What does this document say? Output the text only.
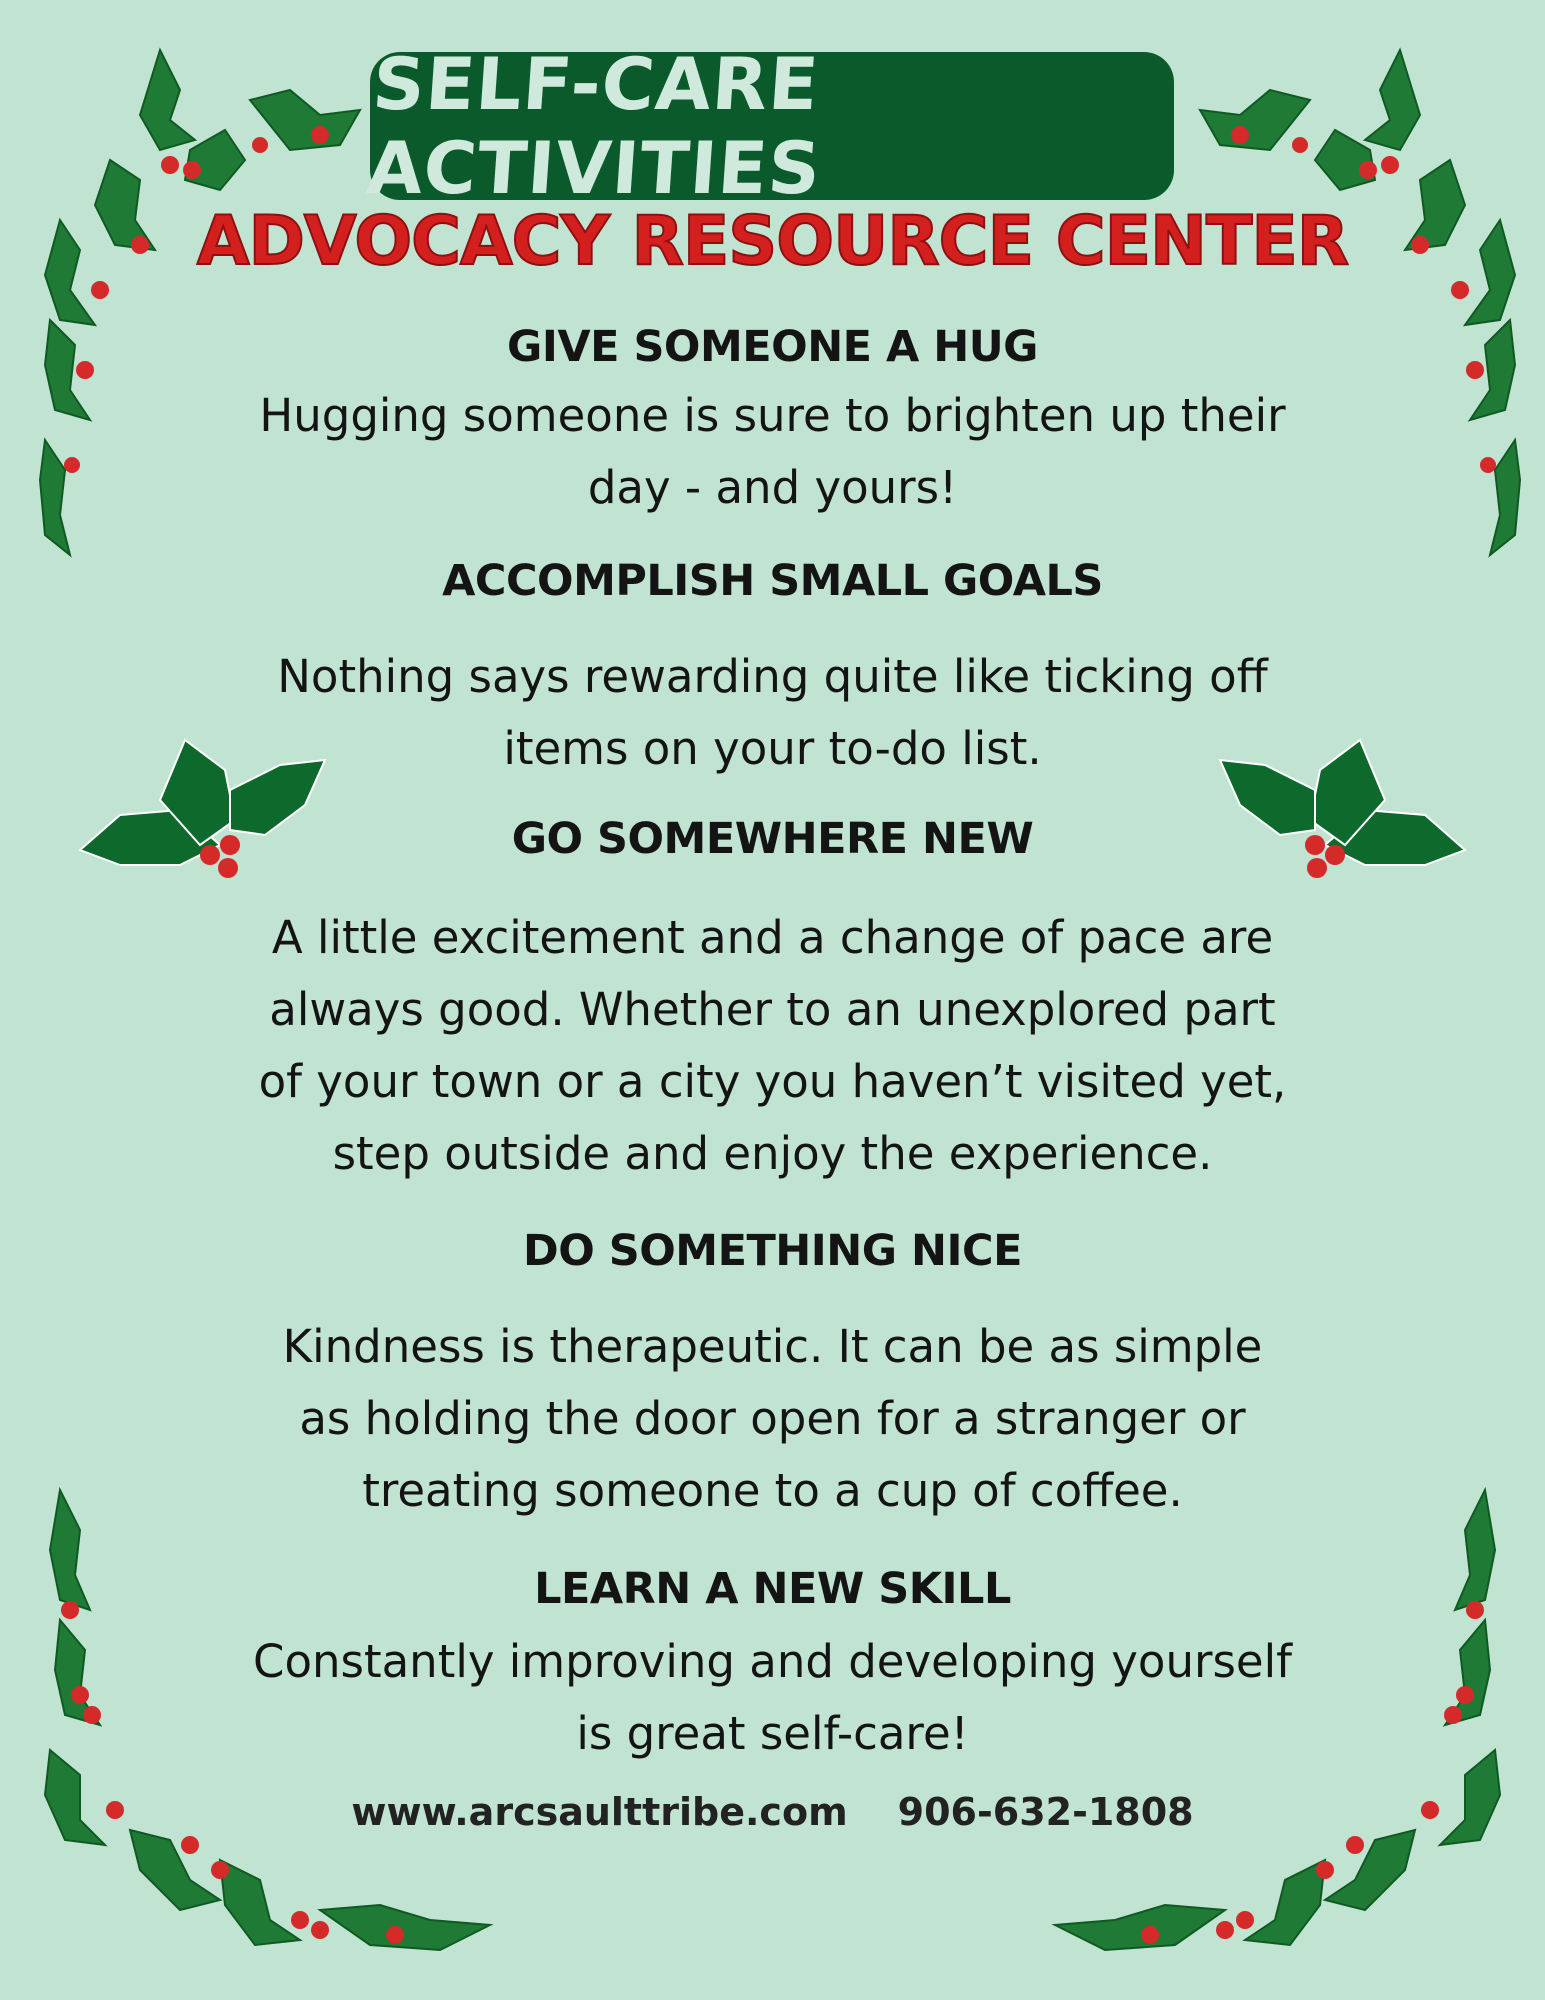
SELF-CARE ACTIVITIES
ADVOCACY RESOURCE CENTER
GIVE SOMEONE A HUG
Hugging someone is sure to brighten up their
day - and yours!
ACCOMPLISH SMALL GOALS
Nothing says rewarding quite like ticking off
items on your to-do list.
GO SOMEWHERE NEW
A little excitement and a change of pace are
always good. Whether to an unexplored part
of your town or a city you haven’t visited yet,
step outside and enjoy the experience.
DO SOMETHING NICE
Kindness is therapeutic. It can be as simple
as holding the door open for a stranger or
treating someone to a cup of coffee.
LEARN A NEW SKILL
Constantly improving and developing yourself
is great self-care!
www.arcsaulttribe.com 906-632-1808
